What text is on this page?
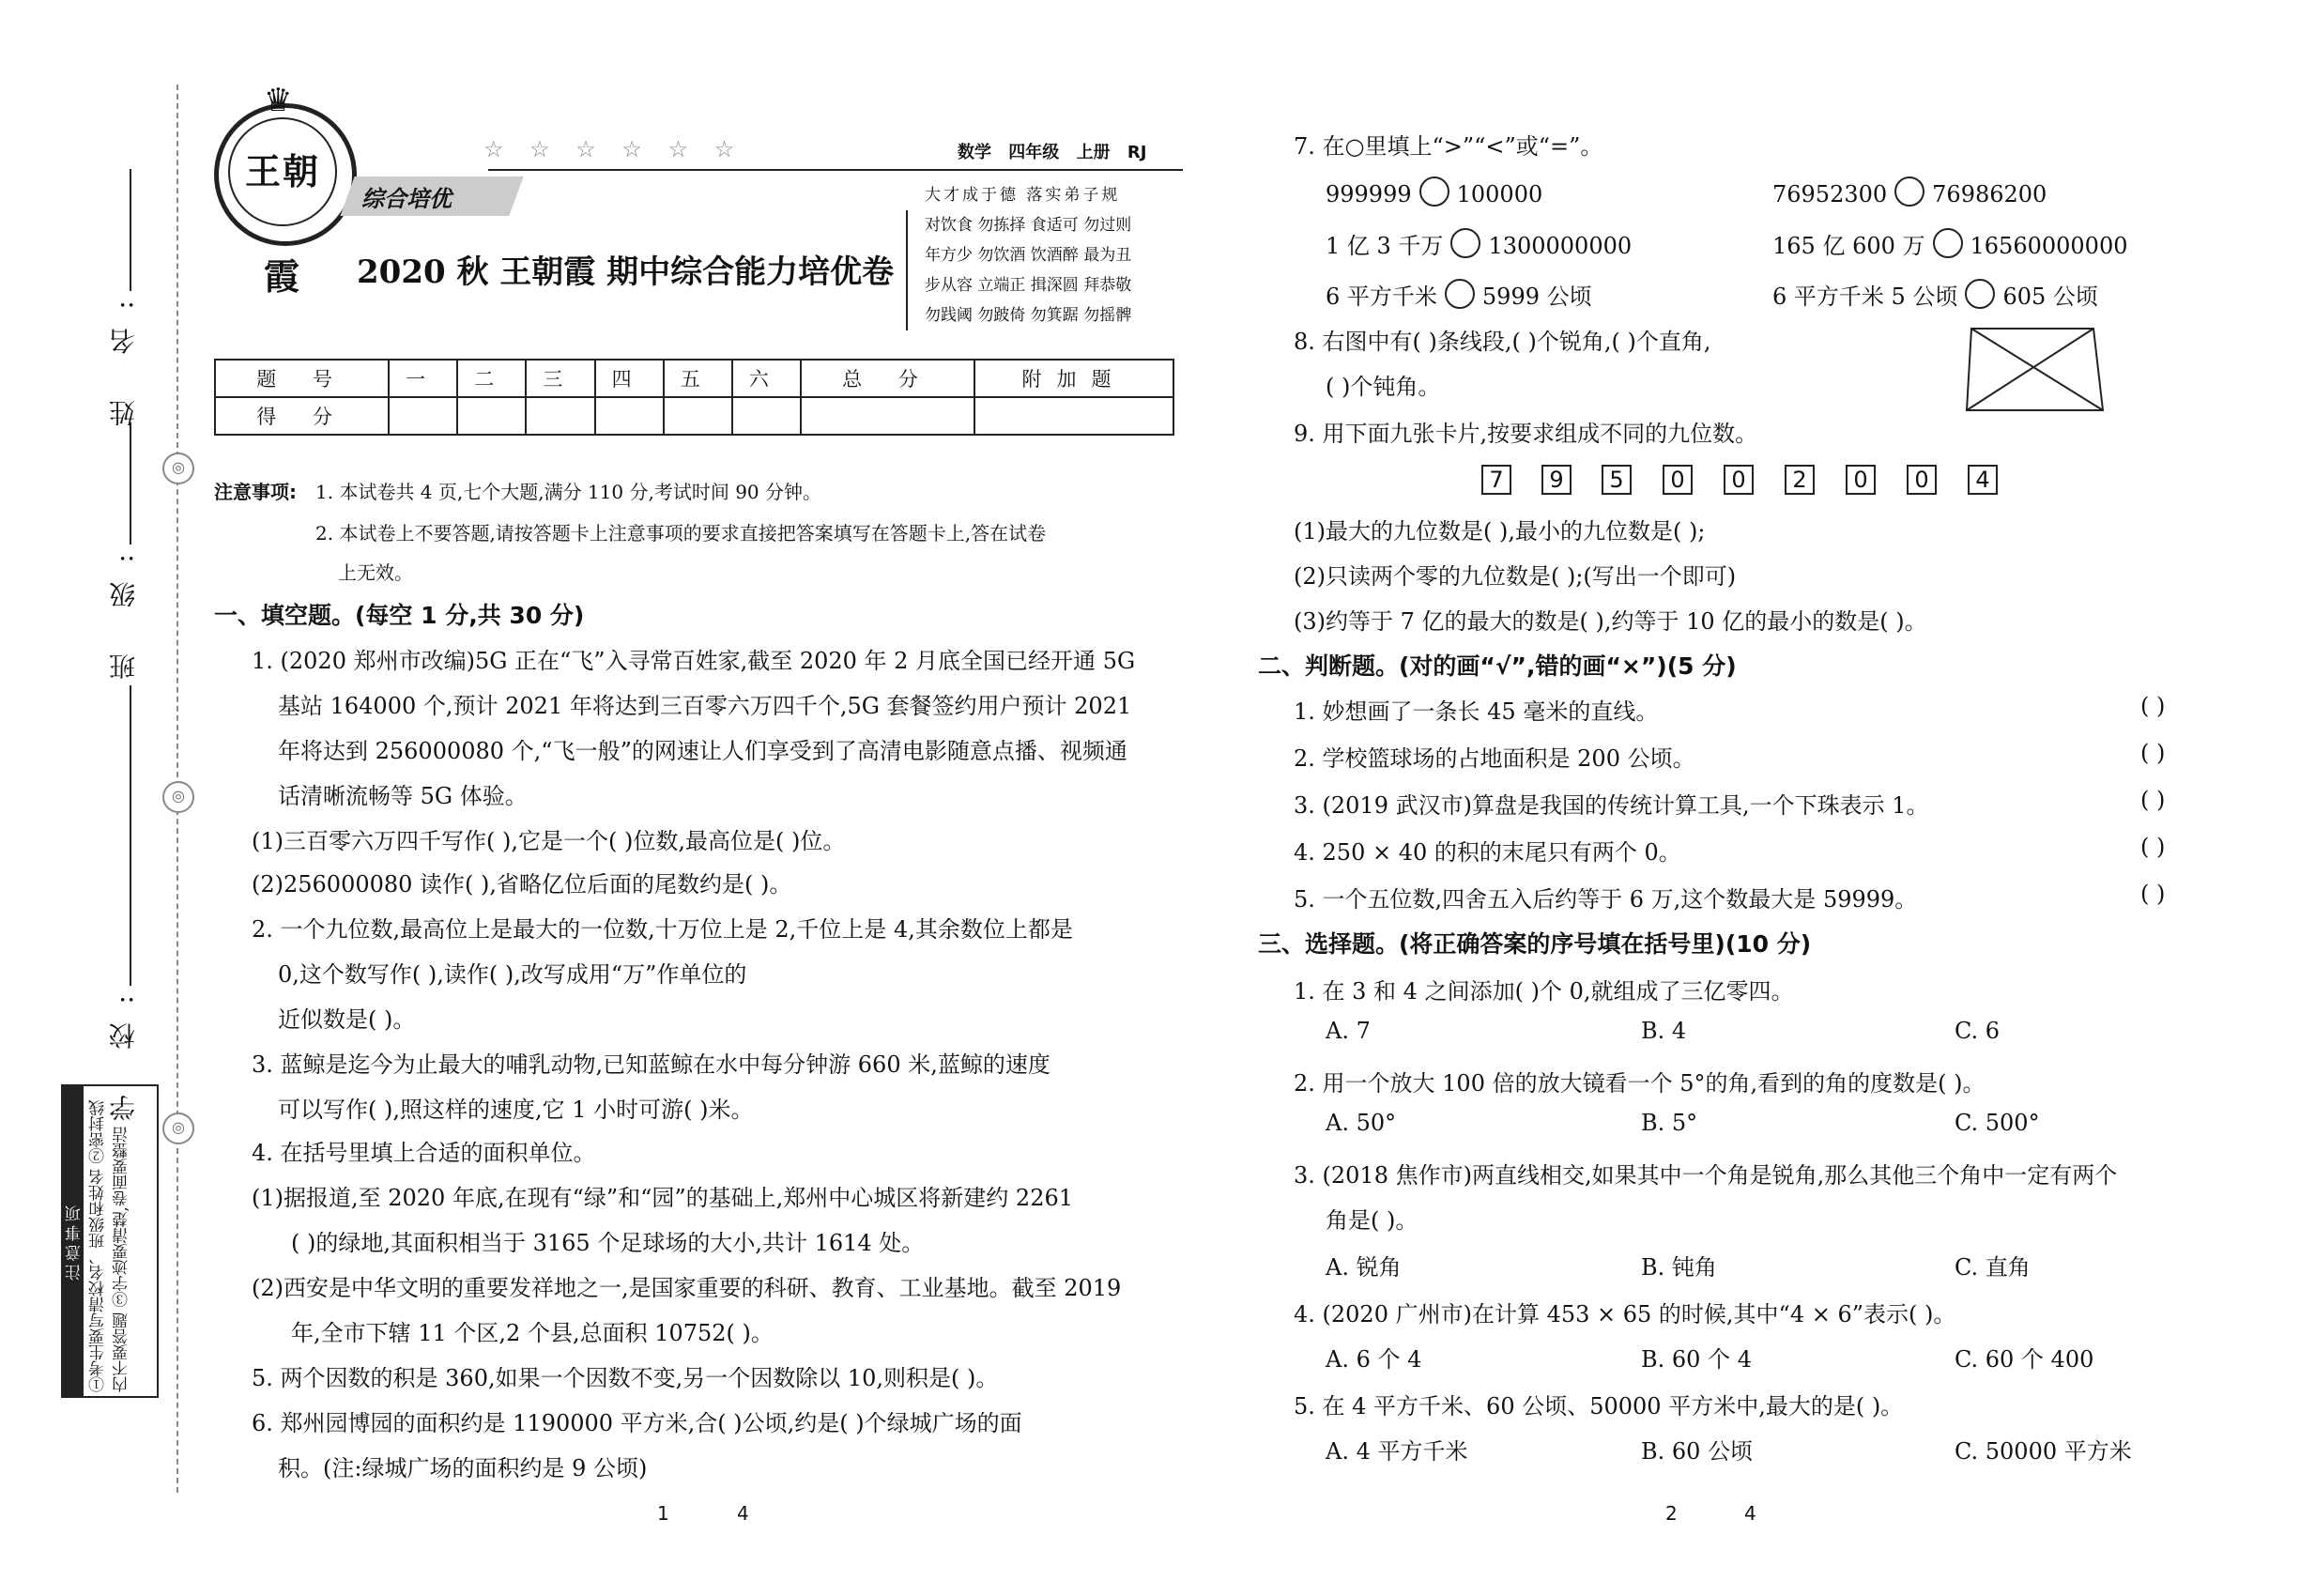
姓 名:
班 级:
学 校:
◎
◎
◎
注意事项 ①考生要写清校名、班级和姓名 ②密封线内不要答题 ③字迹要清楚,卷面要整洁
♛
王朝霞
☆ ☆ ☆ ☆ ☆ ☆	数学 四年级 上册 RJ
综合培优	大才成于德 落实弟子规
对饮食 勿拣择 食适可 勿过则
年方少 勿饮酒 饮酒醉 最为丑
步从容 立端正 揖深圆 拜恭敬
勿践阈 勿跛倚 勿箕踞 勿摇髀
2020 秋 王朝霞 期中综合能力培优卷
题 号	一	二	三	四	五	六	总 分	附加题
得 分								
注意事项: 1. 本试卷共 4 页,七个大题,满分 110 分,考试时间 90 分钟。
2. 本试卷上不要答题,请按答题卡上注意事项的要求直接把答案填写在答题卡上,答在试卷
上无效。
一、填空题。(每空 1 分,共 30 分)
1. (2020 郑州市改编)5G 正在“飞”入寻常百姓家,截至 2020 年 2 月底全国已经开通 5G
基站 164000 个,预计 2021 年将达到三百零六万四千个,5G 套餐签约用户预计 2021
年将达到 256000080 个,“飞一般”的网速让人们享受到了高清电影随意点播、视频通
话清晰流畅等 5G 体验。
(1)三百零六万四千写作( ),它是一个( )位数,最高位是( )位。
(2)256000080 读作( ),省略亿位后面的尾数约是( )。
2. 一个九位数,最高位上是最大的一位数,十万位上是 2,千位上是 4,其余数位上都是
0,这个数写作( ),读作( ),改写成用“万”作单位的
近似数是( )。
3. 蓝鲸是迄今为止最大的哺乳动物,已知蓝鲸在水中每分钟游 660 米,蓝鲸的速度
可以写作( ),照这样的速度,它 1 小时可游( )米。
4. 在括号里填上合适的面积单位。
(1)据报道,至 2020 年底,在现有“绿”和“园”的基础上,郑州中心城区将新建约 2261
( )的绿地,其面积相当于 3165 个足球场的大小,共计 1614 处。
(2)西安是中华文明的重要发祥地之一,是国家重要的科研、教育、工业基地。截至 2019
年,全市下辖 11 个区,2 个县,总面积 10752( )。
5. 两个因数的积是 360,如果一个因数不变,另一个因数除以 10,则积是( )。
6. 郑州园博园的面积约是 1190000 平方米,合( )公顷,约是( )个绿城广场的面
积。(注:绿城广场的面积约是 9 公顷)
1	4
7. 在○里填上“>”“<”或“=”。
999999 100000	76952300 76986200
1 亿 3 千万 1300000000	165 亿 600 万 16560000000
6 平方千米 5999 公顷	6 平方千米 5 公顷 605 公顷
8. 右图中有( )条线段,( )个锐角,( )个直角,
( )个钝角。
9. 用下面九张卡片,按要求组成不同的九位数。
7	9	5	0	0	2	0	0	4
(1)最大的九位数是( ),最小的九位数是( );
(2)只读两个零的九位数是( );(写出一个即可)
(3)约等于 7 亿的最大的数是( ),约等于 10 亿的最小的数是( )。
二、判断题。(对的画“√”,错的画“×”)(5 分)
1. 妙想画了一条长 45 毫米的直线。	( )
2. 学校篮球场的占地面积是 200 公顷。	( )
3. (2019 武汉市)算盘是我国的传统计算工具,一个下珠表示 1。	( )
4. 250 × 40 的积的末尾只有两个 0。	( )
5. 一个五位数,四舍五入后约等于 6 万,这个数最大是 59999。	( )
三、选择题。(将正确答案的序号填在括号里)(10 分)
1. 在 3 和 4 之间添加( )个 0,就组成了三亿零四。
A. 7	B. 4	C. 6
2. 用一个放大 100 倍的放大镜看一个 5°的角,看到的角的度数是( )。
A. 50°	B. 5°	C. 500°
3. (2018 焦作市)两直线相交,如果其中一个角是锐角,那么其他三个角中一定有两个
角是( )。
A. 锐角	B. 钝角	C. 直角
4. (2020 广州市)在计算 453 × 65 的时候,其中“4 × 6”表示( )。
A. 6 个 4	B. 60 个 4	C. 60 个 400
5. 在 4 平方千米、60 公顷、50000 平方米中,最大的是( )。
A. 4 平方千米	B. 60 公顷	C. 50000 平方米
2	4
